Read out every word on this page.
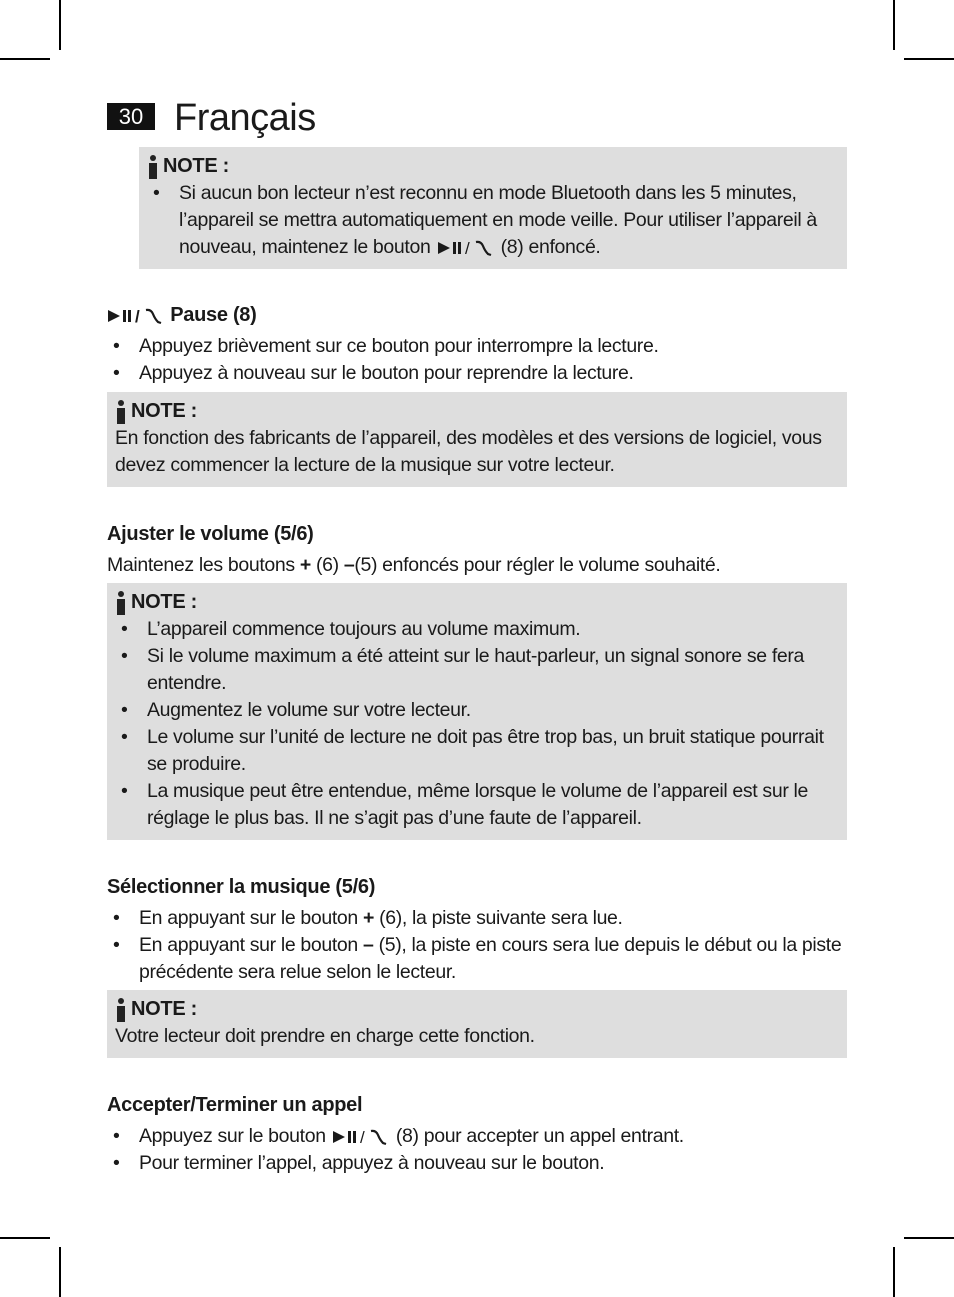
30 Français
NOTE :
• Si aucun bon lecteur n’est reconnu en mode Bluetooth dans les 5 minutes, l’appareil se mettra automatiquement en mode veille. Pour utiliser l’appareil à nouveau, maintenez le bouton / (8) enfoncé.
/ Pause (8)
• Appuyez brièvement sur ce bouton pour interrompre la lecture.
• Appuyez à nouveau sur le bouton pour reprendre la lecture.
NOTE :
En fonction des fabricants de l’appareil, des modèles et des versions de logiciel, vous devez commencer la lecture de la musique sur votre lecteur.
Ajuster le volume (5/6)
Maintenez les boutons + (6) –(5) enfoncés pour régler le volume souhaité.
NOTE :
• L’appareil commence toujours au volume maximum.
• Si le volume maximum a été atteint sur le haut-parleur, un signal sonore se fera entendre.
• Augmentez le volume sur votre lecteur.
• Le volume sur l’unité de lecture ne doit pas être trop bas, un bruit statique pourrait se produire.
• La musique peut être entendue, même lorsque le volume de l’appareil est sur le réglage le plus bas. Il ne s’agit pas d’une faute de l’appareil.
Sélectionner la musique (5/6)
• En appuyant sur le bouton + (6), la piste suivante sera lue.
• En appuyant sur le bouton – (5), la piste en cours sera lue depuis le début ou la piste précédente sera relue selon le lecteur.
NOTE :
Votre lecteur doit prendre en charge cette fonction.
Accepter/Terminer un appel
• Appuyez sur le bouton / (8) pour accepter un appel entrant.
• Pour terminer l’appel, appuyez à nouveau sur le bouton.
